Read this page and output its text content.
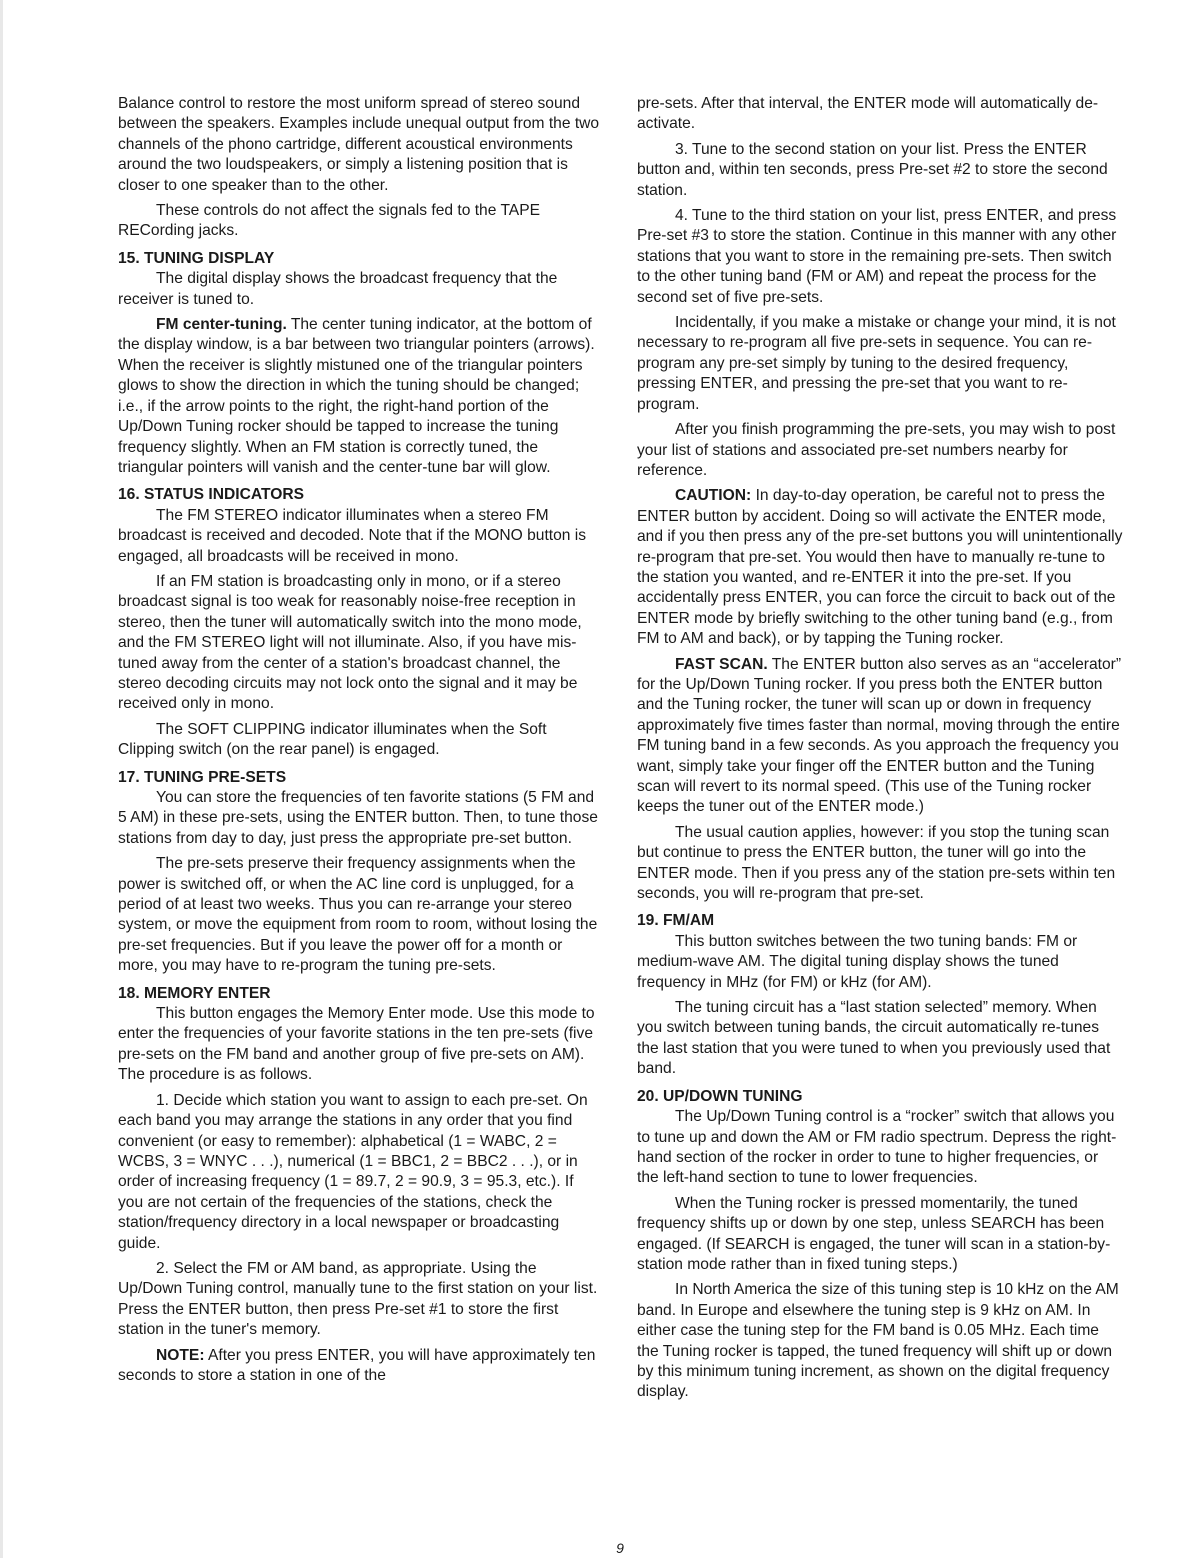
Balance control to restore the most uniform spread of stereo sound between the speakers. Examples include unequal output from the two channels of the phono cartridge, different acoustical environments around the two loudspeakers, or simply a listening position that is closer to one speaker than to the other.

These controls do not affect the signals fed to the TAPE RECording jacks.

15. TUNING DISPLAY

The digital display shows the broadcast frequency that the receiver is tuned to.

FM center-tuning. The center tuning indicator, at the bottom of the display window, is a bar between two triangular pointers (arrows). When the receiver is slightly mistuned one of the triangular pointers glows to show the direction in which the tuning should be changed; i.e., if the arrow points to the right, the right-hand portion of the Up/Down Tuning rocker should be tapped to increase the tuning frequency slightly. When an FM station is correctly tuned, the triangular pointers will vanish and the center-tune bar will glow.

16. STATUS INDICATORS

The FM STEREO indicator illuminates when a stereo FM broadcast is received and decoded. Note that if the MONO button is engaged, all broadcasts will be received in mono.

If an FM station is broadcasting only in mono, or if a stereo broadcast signal is too weak for reasonably noise-free reception in stereo, then the tuner will automatically switch into the mono mode, and the FM STEREO light will not illuminate. Also, if you have mis-tuned away from the center of a station's broadcast channel, the stereo decoding circuits may not lock onto the signal and it may be received only in mono.

The SOFT CLIPPING indicator illuminates when the Soft Clipping switch (on the rear panel) is engaged.

17. TUNING PRE-SETS

You can store the frequencies of ten favorite stations (5 FM and 5 AM) in these pre-sets, using the ENTER button. Then, to tune those stations from day to day, just press the appropriate pre-set button.

The pre-sets preserve their frequency assignments when the power is switched off, or when the AC line cord is unplugged, for a period of at least two weeks. Thus you can re-arrange your stereo system, or move the equipment from room to room, without losing the pre-set frequencies. But if you leave the power off for a month or more, you may have to re-program the tuning pre-sets.

18. MEMORY ENTER

This button engages the Memory Enter mode. Use this mode to enter the frequencies of your favorite stations in the ten pre-sets (five pre-sets on the FM band and another group of five pre-sets on AM). The procedure is as follows.

1. Decide which station you want to assign to each pre-set. On each band you may arrange the stations in any order that you find convenient (or easy to remember): alphabetical (1 = WABC, 2 = WCBS, 3 = WNYC . . .), numerical (1 = BBC1, 2 = BBC2 . . .), or in order of increasing frequency (1 = 89.7, 2 = 90.9, 3 = 95.3, etc.). If you are not certain of the frequencies of the stations, check the station/frequency directory in a local newspaper or broadcasting guide.

2. Select the FM or AM band, as appropriate. Using the Up/Down Tuning control, manually tune to the first station on your list. Press the ENTER button, then press Pre-set #1 to store the first station in the tuner's memory.

NOTE: After you press ENTER, you will have approximately ten seconds to store a station in one of the

pre-sets. After that interval, the ENTER mode will automatically de-activate.

3. Tune to the second station on your list. Press the ENTER button and, within ten seconds, press Pre-set #2 to store the second station.

4. Tune to the third station on your list, press ENTER, and press Pre-set #3 to store the station. Continue in this manner with any other stations that you want to store in the remaining pre-sets. Then switch to the other tuning band (FM or AM) and repeat the process for the second set of five pre-sets.

Incidentally, if you make a mistake or change your mind, it is not necessary to re-program all five pre-sets in sequence. You can re-program any pre-set simply by tuning to the desired frequency, pressing ENTER, and pressing the pre-set that you want to re-program.

After you finish programming the pre-sets, you may wish to post your list of stations and associated pre-set numbers nearby for reference.

CAUTION: In day-to-day operation, be careful not to press the ENTER button by accident. Doing so will activate the ENTER mode, and if you then press any of the pre-set buttons you will unintentionally re-program that pre-set. You would then have to manually re-tune to the station you wanted, and re-ENTER it into the pre-set. If you accidentally press ENTER, you can force the circuit to back out of the ENTER mode by briefly switching to the other tuning band (e.g., from FM to AM and back), or by tapping the Tuning rocker.

FAST SCAN. The ENTER button also serves as an “accelerator” for the Up/Down Tuning rocker. If you press both the ENTER button and the Tuning rocker, the tuner will scan up or down in frequency approximately five times faster than normal, moving through the entire FM tuning band in a few seconds. As you approach the frequency you want, simply take your finger off the ENTER button and the Tuning scan will revert to its normal speed. (This use of the Tuning rocker keeps the tuner out of the ENTER mode.)

The usual caution applies, however: if you stop the tuning scan but continue to press the ENTER button, the tuner will go into the ENTER mode. Then if you press any of the station pre-sets within ten seconds, you will re-program that pre-set.

19. FM/AM

This button switches between the two tuning bands: FM or medium-wave AM. The digital tuning display shows the tuned frequency in MHz (for FM) or kHz (for AM).

The tuning circuit has a “last station selected” memory. When you switch between tuning bands, the circuit automatically re-tunes the last station that you were tuned to when you previously used that band.

20. UP/DOWN TUNING

The Up/Down Tuning control is a “rocker” switch that allows you to tune up and down the AM or FM radio spectrum. Depress the right-hand section of the rocker in order to tune to higher frequencies, or the left-hand section to tune to lower frequencies.

When the Tuning rocker is pressed momentarily, the tuned frequency shifts up or down by one step, unless SEARCH has been engaged. (If SEARCH is engaged, the tuner will scan in a station-by-station mode rather than in fixed tuning steps.)

In North America the size of this tuning step is 10 kHz on the AM band. In Europe and elsewhere the tuning step is 9 kHz on AM. In either case the tuning step for the FM band is 0.05 MHz. Each time the Tuning rocker is tapped, the tuned frequency will shift up or down by this minimum tuning increment, as shown on the digital frequency display.

9
